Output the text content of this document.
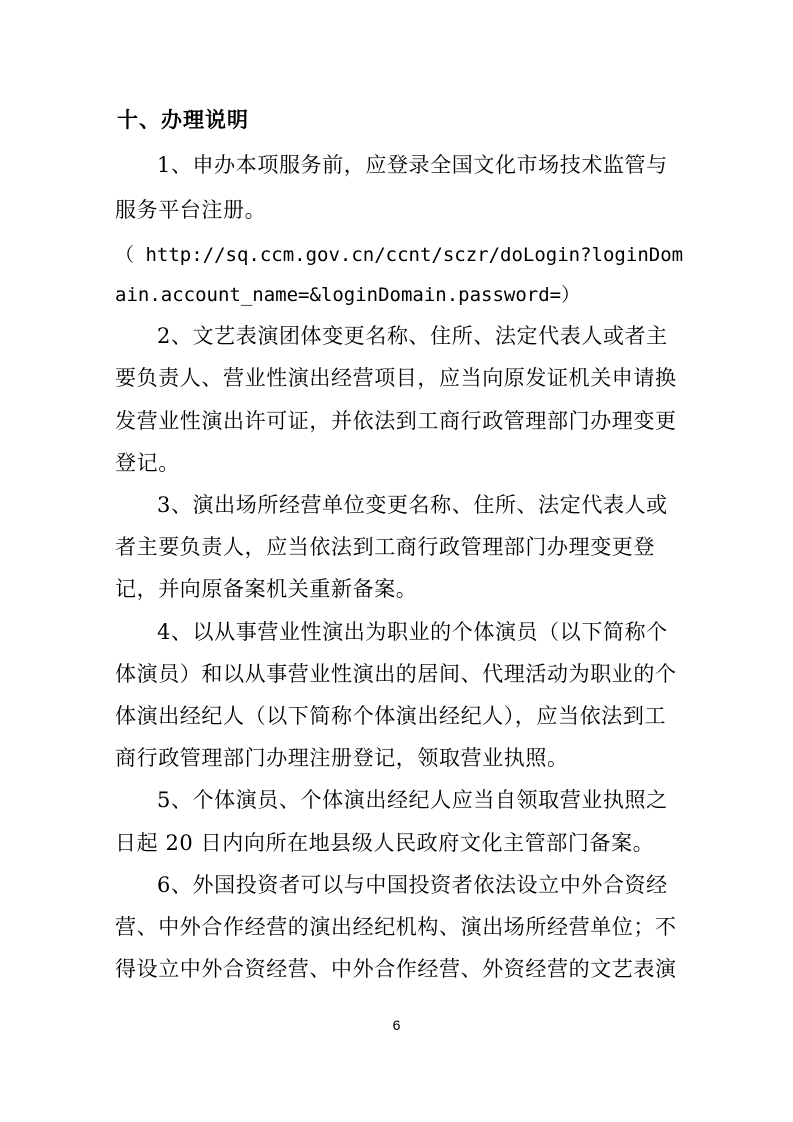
十、办理说明
1、申办本项服务前，应登录全国文化市场技术监管与
服务平台注册。
（ http://sq.ccm.gov.cn/ccnt/sczr/doLogin?loginDom
ain.account_name=&loginDomain.password=）
2、文艺表演团体变更名称、住所、法定代表人或者主
要负责人、营业性演出经营项目，应当向原发证机关申请换
发营业性演出许可证，并依法到工商行政管理部门办理变更
登记。
3、演出场所经营单位变更名称、住所、法定代表人或
者主要负责人，应当依法到工商行政管理部门办理变更登
记，并向原备案机关重新备案。
4、以从事营业性演出为职业的个体演员（以下简称个
体演员）和以从事营业性演出的居间、代理活动为职业的个
体演出经纪人（以下简称个体演出经纪人），应当依法到工
商行政管理部门办理注册登记，领取营业执照。
5、个体演员、个体演出经纪人应当自领取营业执照之
日起 20 日内向所在地县级人民政府文化主管部门备案。
6、外国投资者可以与中国投资者依法设立中外合资经
营、中外合作经营的演出经纪机构、演出场所经营单位；不
得设立中外合资经营、中外合作经营、外资经营的文艺表演
6
